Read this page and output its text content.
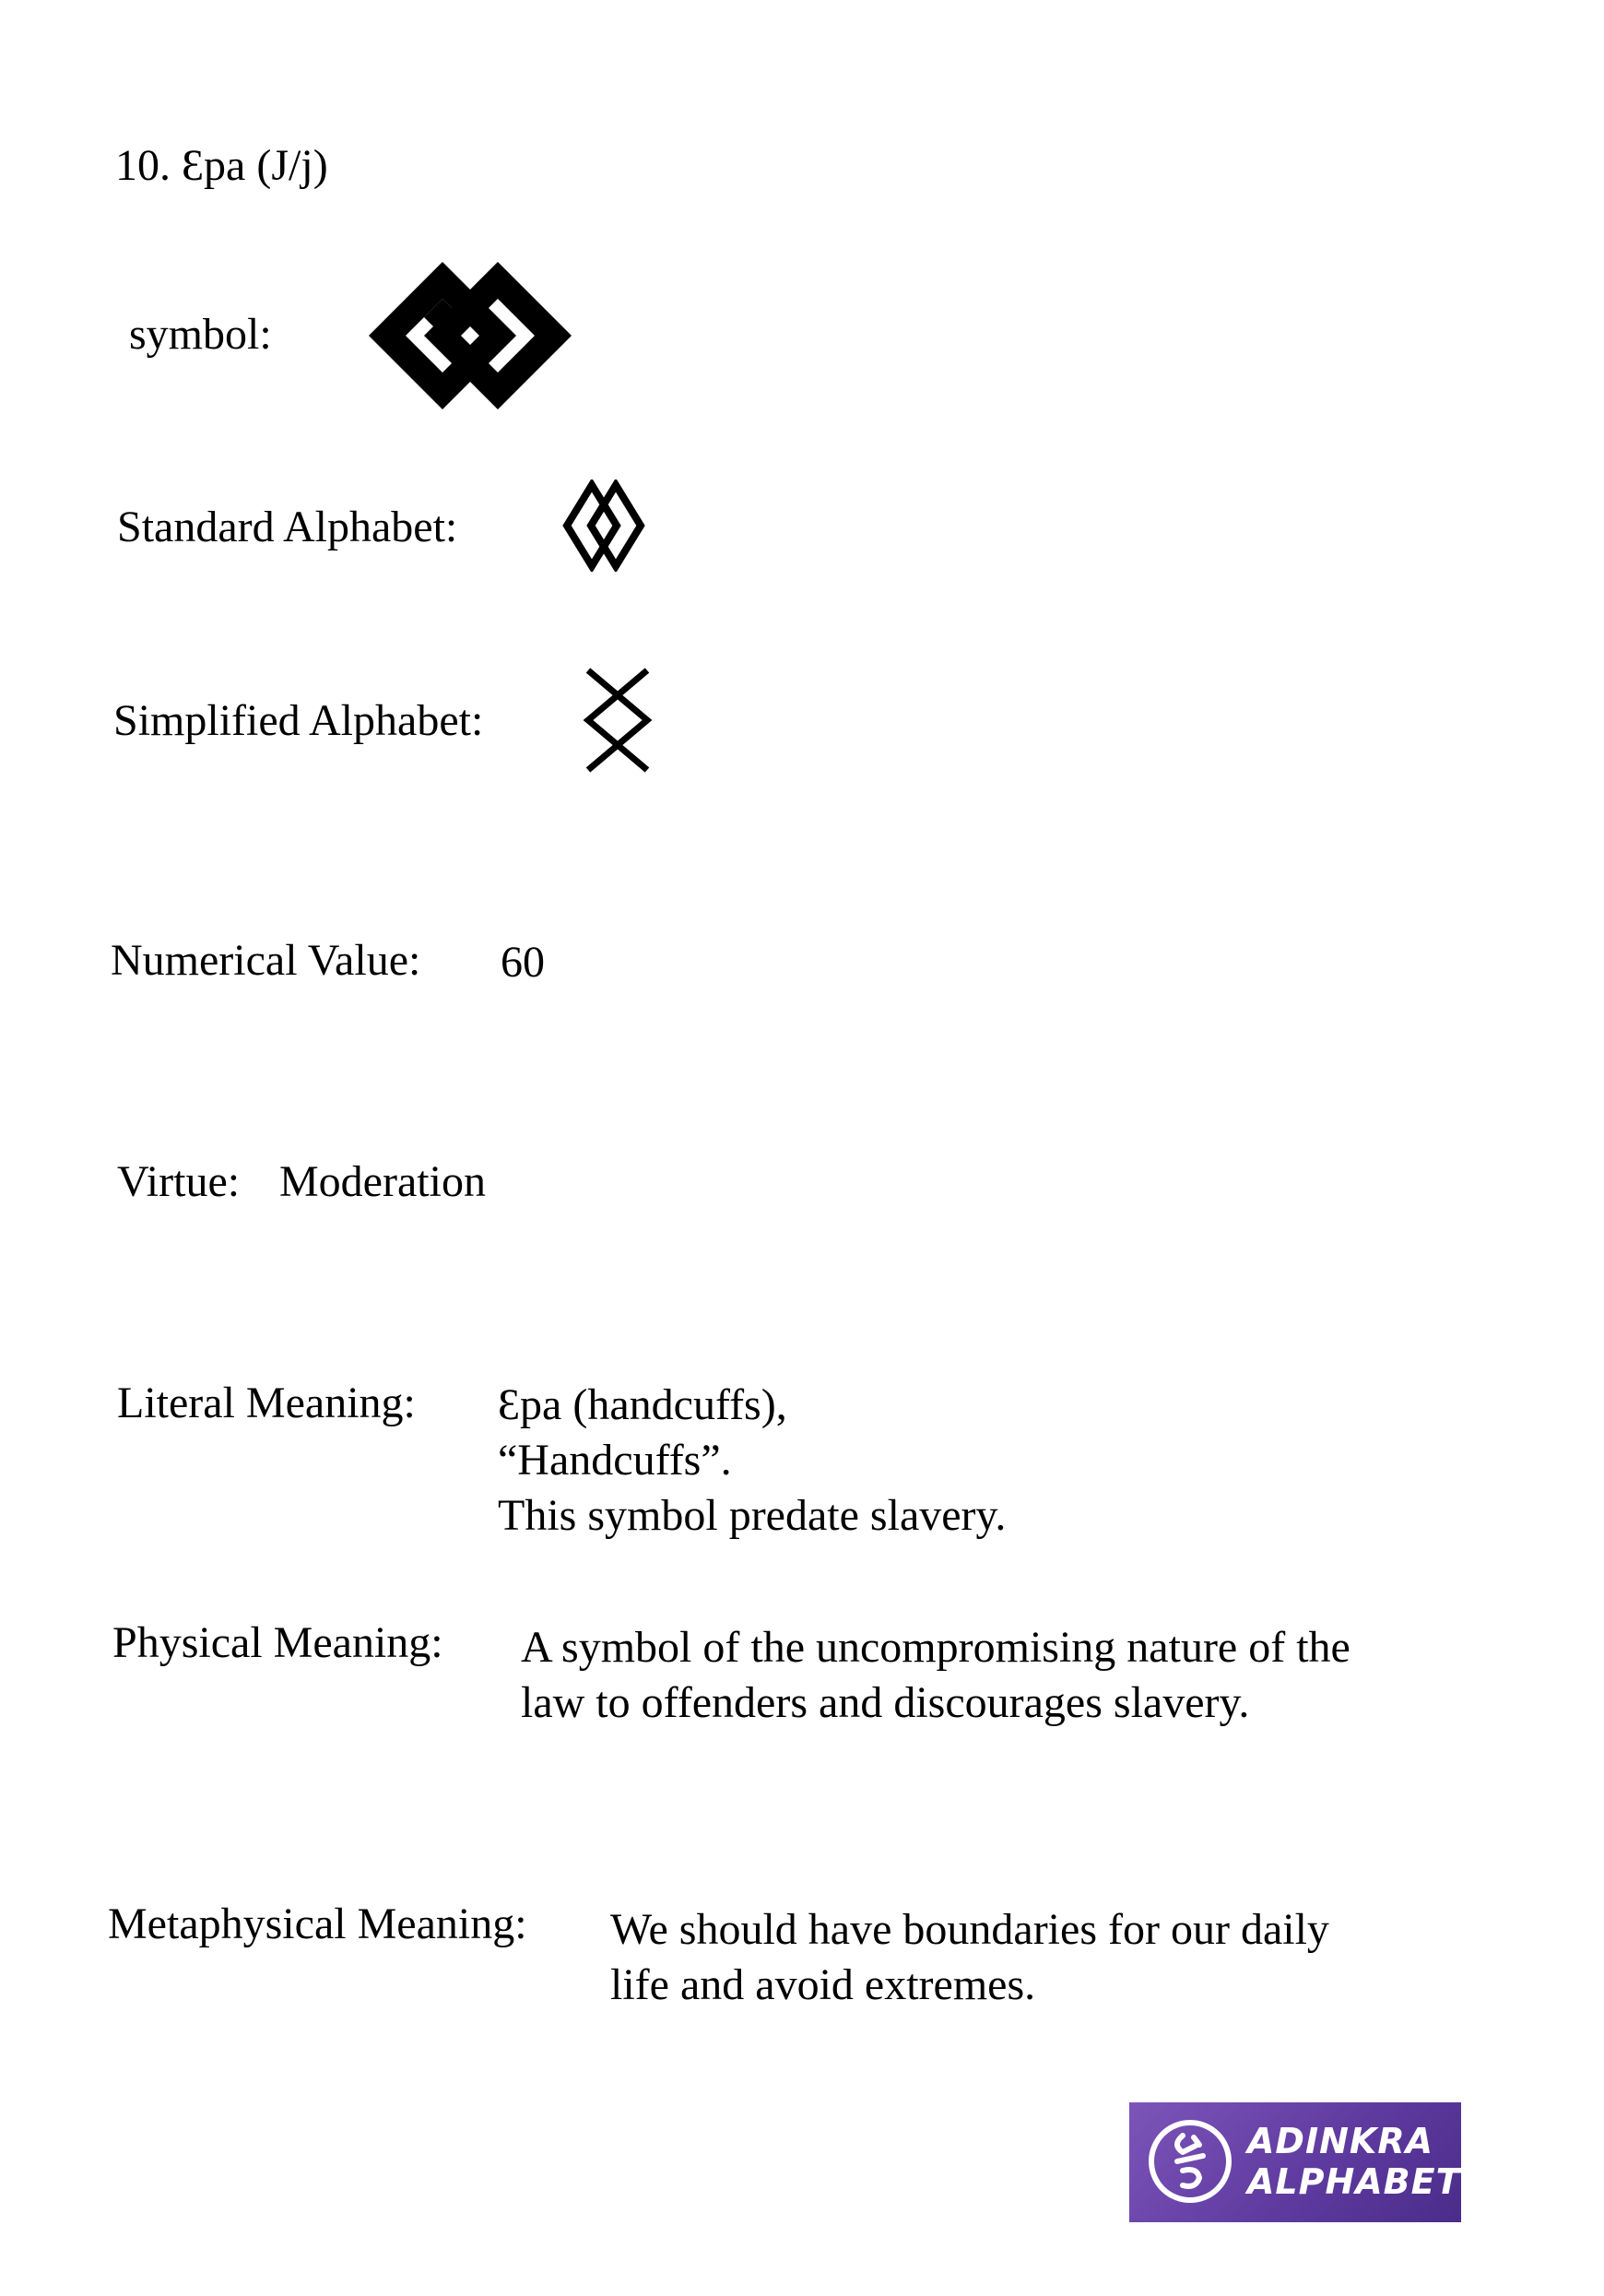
10. Ɛpa (J/j)
symbol:
Standard Alphabet:
Simplified Alphabet:
Numerical Value: 60
Virtue: Moderation
Literal Meaning: Ɛpa (handcuffs),
“Handcuffs”.
This symbol predate slavery.
Physical Meaning: A symbol of the uncompromising nature of the
law to offenders and discourages slavery.
Metaphysical Meaning: We should have boundaries for our daily
life and avoid extremes.
ADINKRA
ALPHABET
